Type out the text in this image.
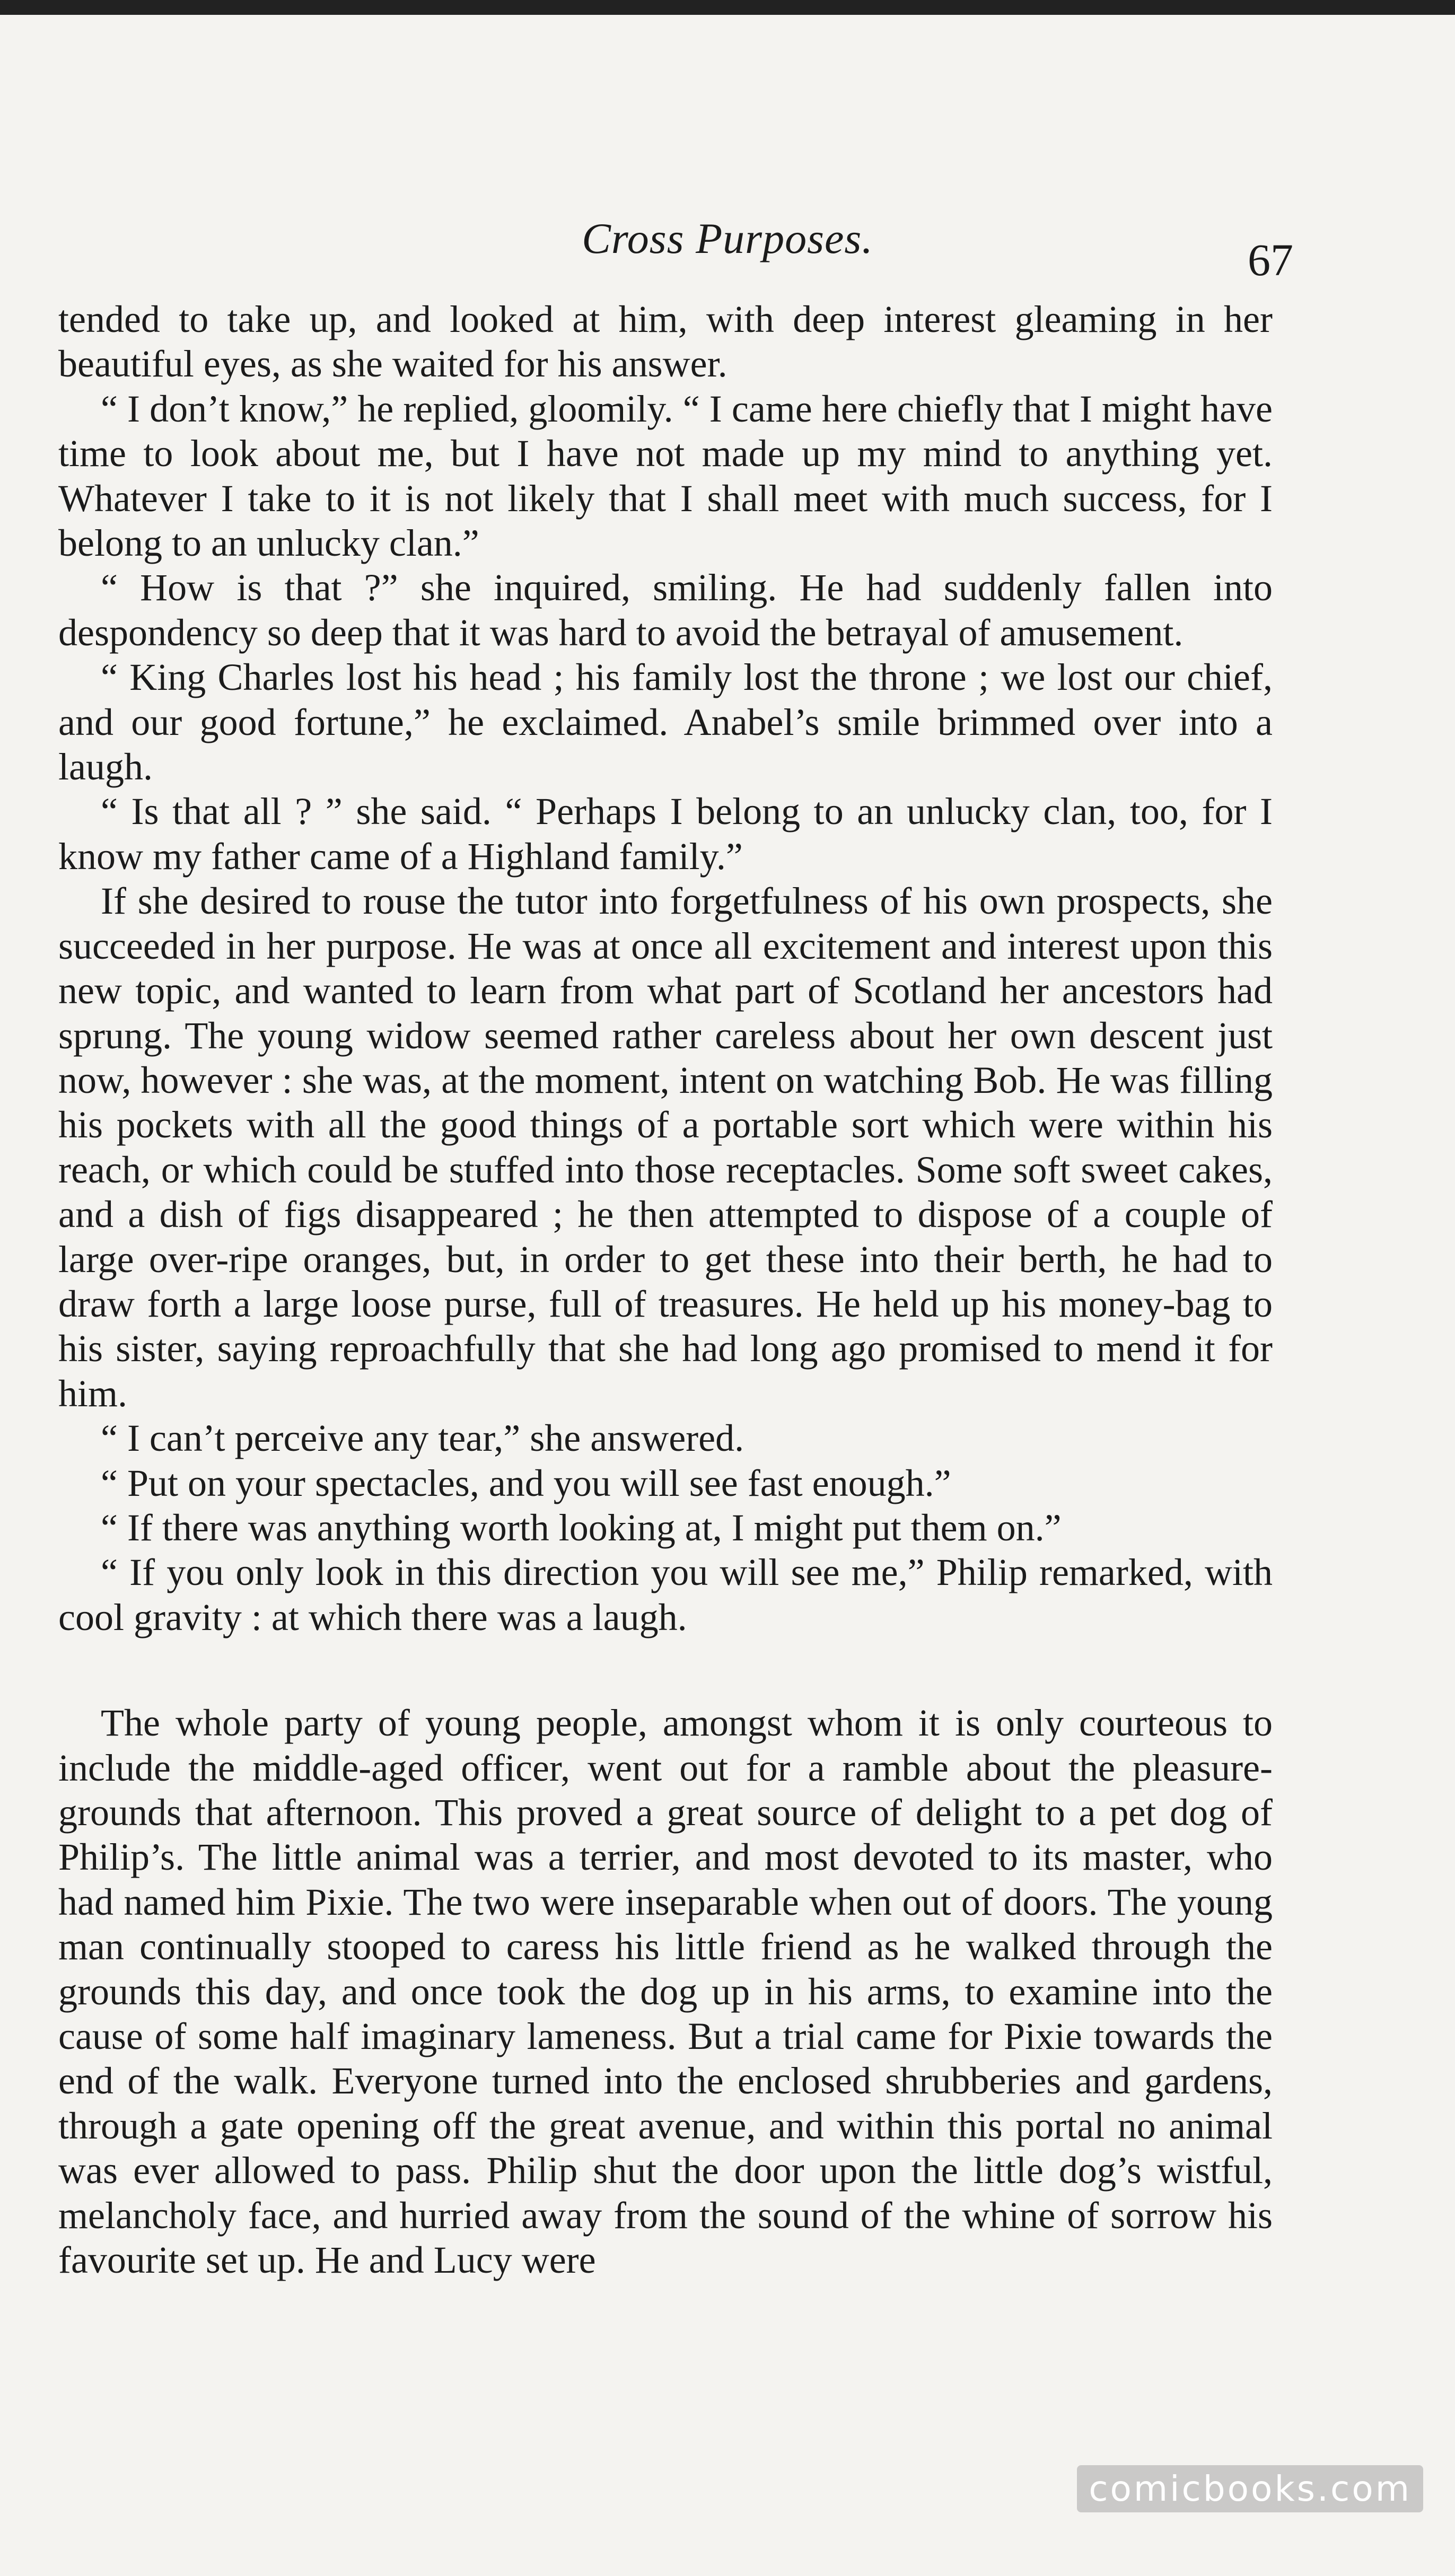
Cross Purposes.	67

tended to take up, and looked at him, with deep interest gleaming in her beautiful eyes, as she waited for his answer.

“ I don’t know,” he replied, gloomily. “ I came here chiefly that I might have time to look about me, but I have not made up my mind to anything yet. Whatever I take to it is not likely that I shall meet with much success, for I belong to an unlucky clan.”

“ How is that ?” she inquired, smiling. He had suddenly fallen into despondency so deep that it was hard to avoid the betrayal of amusement.

“ King Charles lost his head ; his family lost the throne ; we lost our chief, and our good fortune,” he exclaimed. Anabel’s smile brimmed over into a laugh.

“ Is that all ? ” she said. “ Perhaps I belong to an unlucky clan, too, for I know my father came of a Highland family.”

If she desired to rouse the tutor into forgetfulness of his own prospects, she succeeded in her purpose. He was at once all excitement and interest upon this new topic, and wanted to learn from what part of Scotland her ancestors had sprung. The young widow seemed rather careless about her own descent just now, however : she was, at the moment, intent on watching Bob. He was filling his pockets with all the good things of a portable sort which were within his reach, or which could be stuffed into those receptacles. Some soft sweet cakes, and a dish of figs disappeared ; he then attempted to dispose of a couple of large over-ripe oranges, but, in order to get these into their berth, he had to draw forth a large loose purse, full of treasures. He held up his money-bag to his sister, saying reproachfully that she had long ago promised to mend it for him.

“ I can’t perceive any tear,” she answered.

“ Put on your spectacles, and you will see fast enough.”

“ If there was anything worth looking at, I might put them on.”

“ If you only look in this direction you will see me,” Philip remarked, with cool gravity : at which there was a laugh.

The whole party of young people, amongst whom it is only courteous to include the middle-aged officer, went out for a ramble about the pleasure-grounds that afternoon. This proved a great source of delight to a pet dog of Philip’s. The little animal was a terrier, and most devoted to its master, who had named him Pixie. The two were inseparable when out of doors. The young man continually stooped to caress his little friend as he walked through the grounds this day, and once took the dog up in his arms, to examine into the cause of some half imaginary lameness. But a trial came for Pixie towards the end of the walk. Everyone turned into the enclosed shrubberies and gardens, through a gate opening off the great avenue, and within this portal no animal was ever allowed to pass. Philip shut the door upon the little dog’s wistful, melancholy face, and hurried away from the sound of the whine of sorrow his favourite set up. He and Lucy were

comicbooks.com
